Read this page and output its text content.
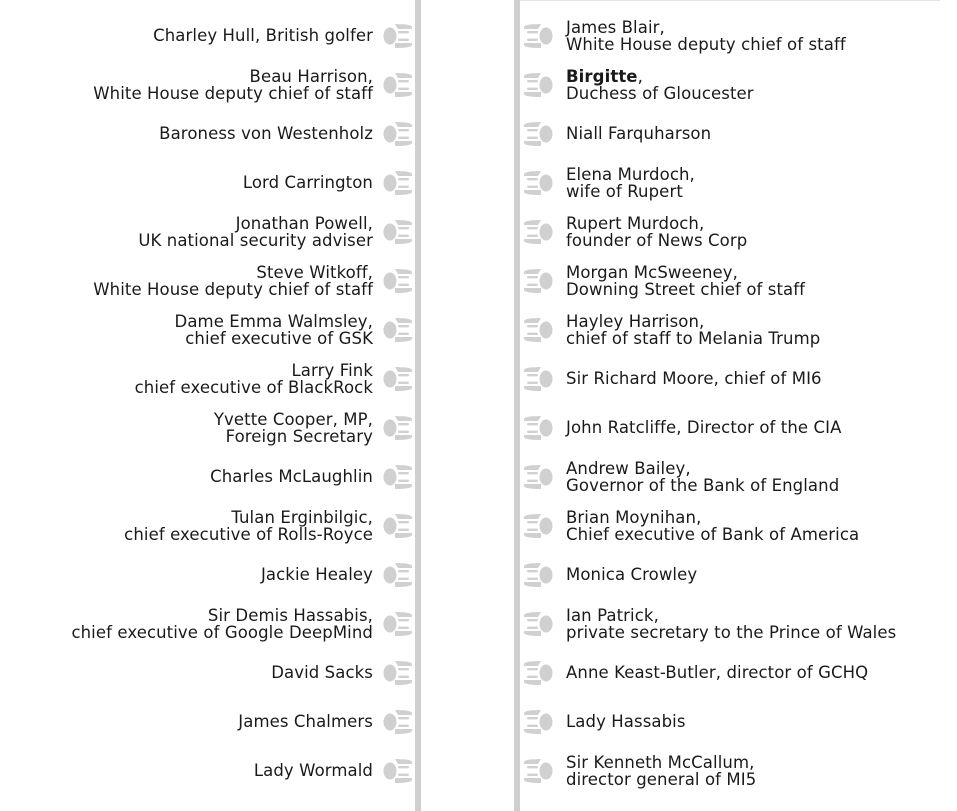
Charley Hull, British golfer
Beau Harrison,
White House deputy chief of staff
Baroness von Westenholz
Lord Carrington
Jonathan Powell,
UK national security adviser
Steve Witkoff,
White House deputy chief of staff
Dame Emma Walmsley,
chief executive of GSK
Larry Fink
chief executive of BlackRock
Yvette Cooper, MP,
Foreign Secretary
Charles McLaughlin
Tulan Erginbilgic,
chief executive of Rolls-Royce
Jackie Healey
Sir Demis Hassabis,
chief executive of Google DeepMind
David Sacks
James Chalmers
Lady Wormald
James Blair,
White House deputy chief of staff
Birgitte,

Duchess of Gloucester
Niall Farquharson
Elena Murdoch,
wife of Rupert
Rupert Murdoch,
founder of News Corp
Morgan McSweeney,
Downing Street chief of staff
Hayley Harrison,
chief of staff to Melania Trump
Sir Richard Moore, chief of MI6
John Ratcliffe, Director of the CIA
Andrew Bailey,
Governor of the Bank of England
Brian Moynihan,
Chief executive of Bank of America
Monica Crowley
Ian Patrick,
private secretary to the Prince of Wales
Anne Keast-Butler, director of GCHQ
Lady Hassabis
Sir Kenneth McCallum,
director general of MI5
